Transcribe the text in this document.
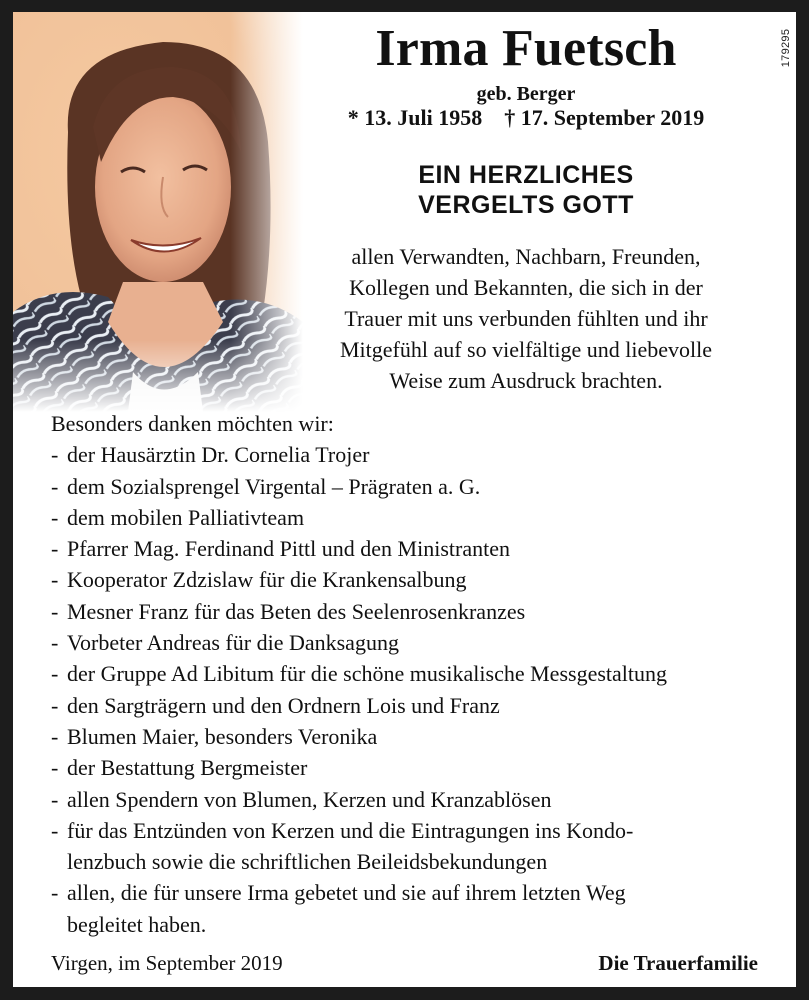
179295
Irma Fuetsch
geb. Berger
* 13. Juli 1958 † 17. September 2019
EIN HERZLICHES
VERGELTS GOTT
allen Verwandten, Nachbarn, Freunden,
Kollegen und Bekannten, die sich in der
Trauer mit uns verbunden fühlten und ihr
Mitgefühl auf so vielfältige und liebevolle
Weise zum Ausdruck brachten.
Besonders danken möchten wir:
- der Hausärztin Dr. Cornelia Trojer
- dem Sozialsprengel Virgental – Prägraten a. G.
- dem mobilen Palliativteam
- Pfarrer Mag. Ferdinand Pittl und den Ministranten
- Kooperator Zdzislaw für die Krankensalbung
- Mesner Franz für das Beten des Seelenrosenkranzes
- Vorbeter Andreas für die Danksagung
- der Gruppe Ad Libitum für die schöne musikalische Messgestaltung
- den Sargträgern und den Ordnern Lois und Franz
- Blumen Maier, besonders Veronika
- der Bestattung Bergmeister
- allen Spendern von Blumen, Kerzen und Kranzablösen
- für das Entzünden von Kerzen und die Eintragungen ins Kondo-
lenzbuch sowie die schriftlichen Beileidsbekundungen
- allen, die für unsere Irma gebetet und sie auf ihrem letzten Weg
begleitet haben.
Virgen, im September 2019	Die Trauerfamilie
